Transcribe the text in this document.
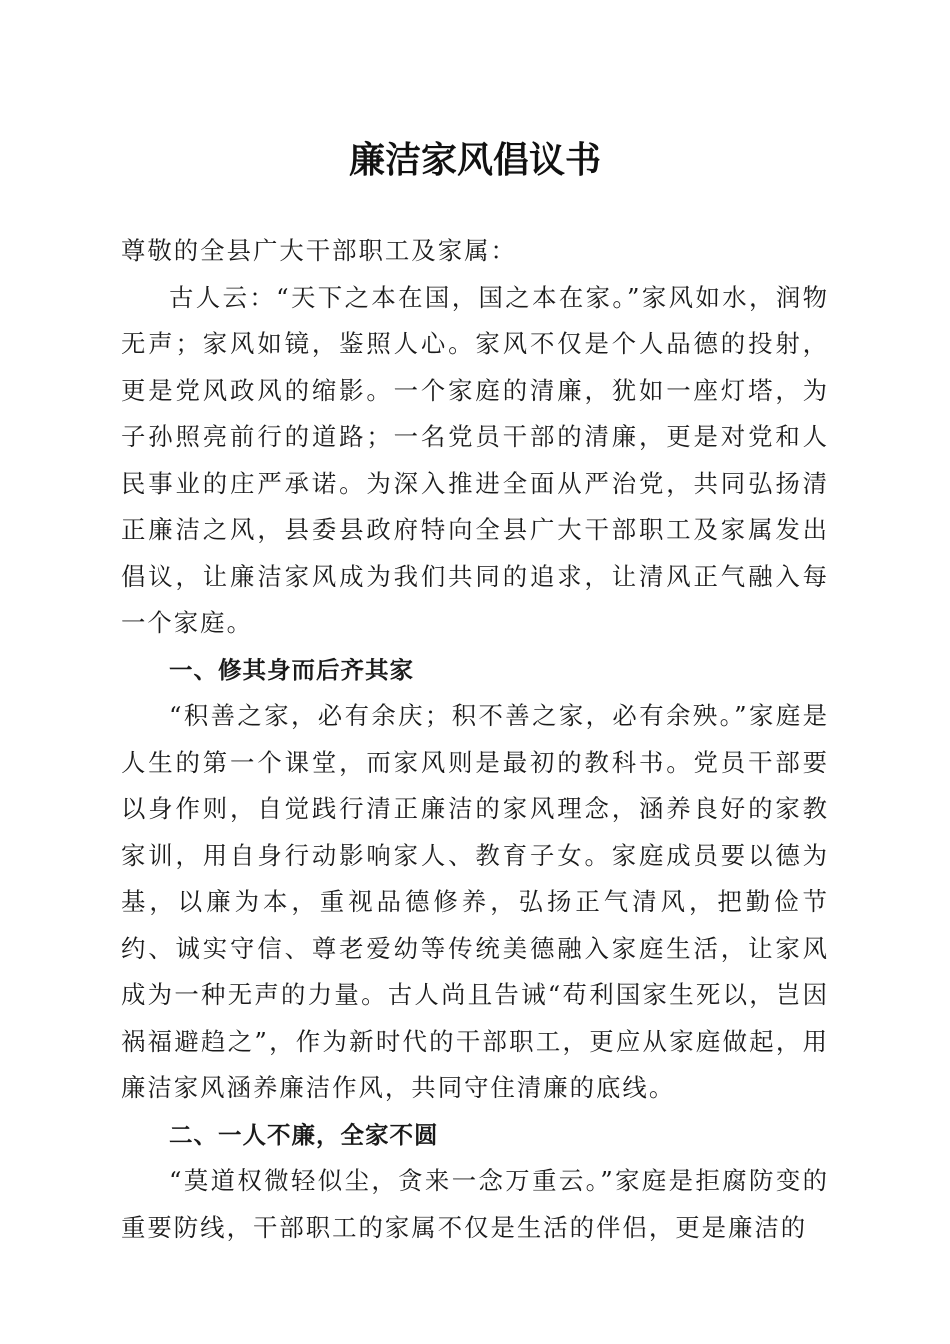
廉洁家风倡议书

尊敬的全县广大干部职工及家属：

古人云：“天下之本在国，国之本在家。”家风如水，润物无声；家风如镜，鉴照人心。家风不仅是个人品德的投射，更是党风政风的缩影。一个家庭的清廉，犹如一座灯塔，为子孙照亮前行的道路；一名党员干部的清廉，更是对党和人民事业的庄严承诺。为深入推进全面从严治党，共同弘扬清正廉洁之风，县委县政府特向全县广大干部职工及家属发出倡议，让廉洁家风成为我们共同的追求，让清风正气融入每一个家庭。

一、修其身而后齐其家

“积善之家，必有余庆；积不善之家，必有余殃。”家庭是人生的第一个课堂，而家风则是最初的教科书。党员干部要以身作则，自觉践行清正廉洁的家风理念，涵养良好的家教家训，用自身行动影响家人、教育子女。家庭成员要以德为基，以廉为本，重视品德修养，弘扬正气清风，把勤俭节约、诚实守信、尊老爱幼等传统美德融入家庭生活，让家风成为一种无声的力量。古人尚且告诫“苟利国家生死以，岂因祸福避趋之”，作为新时代的干部职工，更应从家庭做起，用廉洁家风涵养廉洁作风，共同守住清廉的底线。

二、一人不廉，全家不圆

“莫道权微轻似尘，贪来一念万重云。”家庭是拒腐防变的重要防线，干部职工的家属不仅是生活的伴侣，更是廉洁的
